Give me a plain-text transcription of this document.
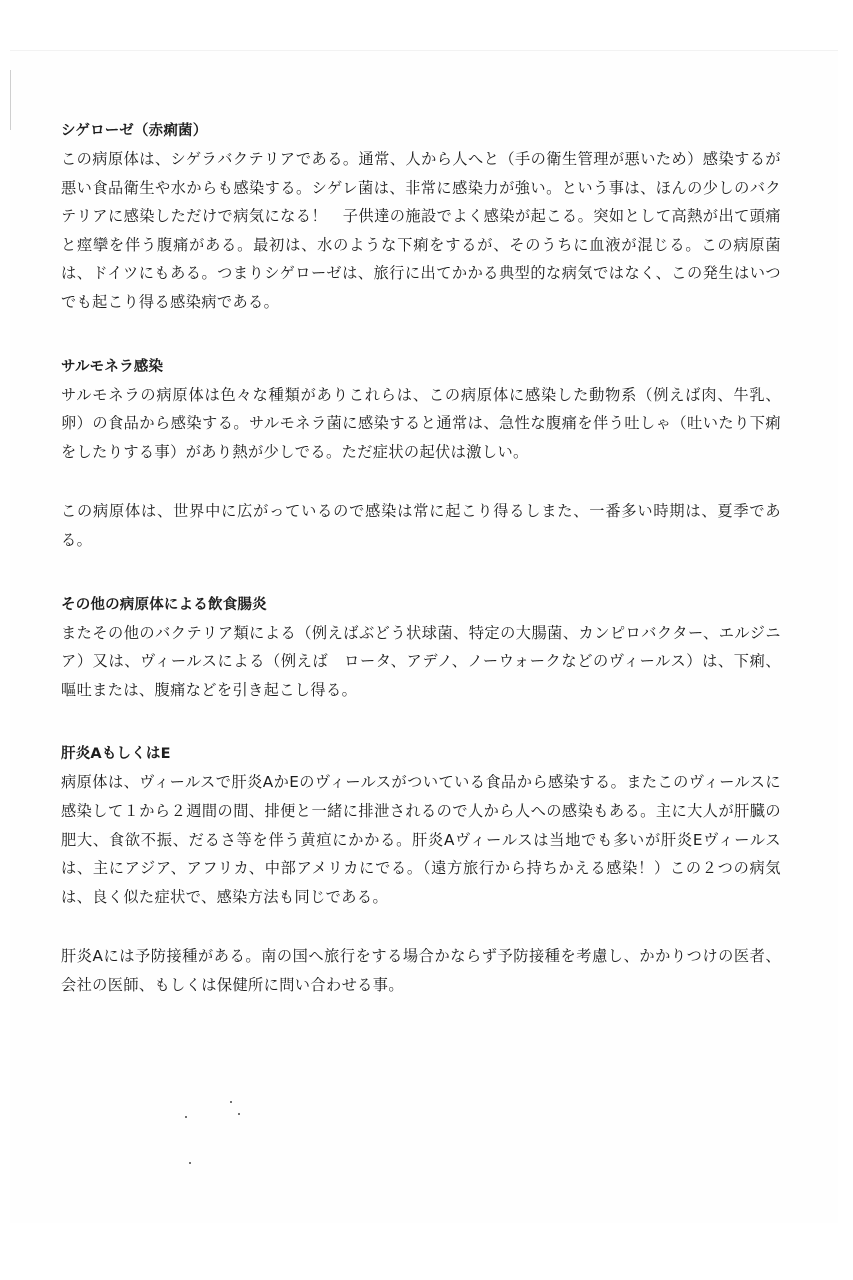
シゲローゼ（赤痢菌）

この病原体は、シゲラバクテリアである。通常、人から人へと（手の衛生管理が悪いため）感染するが悪い食品衛生や水からも感染する。シゲレ菌は、非常に感染力が強い。という事は、ほんの少しのバクテリアに感染しただけで病気になる！　子供達の施設でよく感染が起こる。突如として高熱が出て頭痛と痙攣を伴う腹痛がある。最初は、水のような下痢をするが、そのうちに血液が混じる。この病原菌は、ドイツにもある。つまりシゲローゼは、旅行に出てかかる典型的な病気ではなく、この発生はいつでも起こり得る感染病である。

サルモネラ感染

サルモネラの病原体は色々な種類がありこれらは、この病原体に感染した動物系（例えば肉、牛乳、卵）の食品から感染する。サルモネラ菌に感染すると通常は、急性な腹痛を伴う吐しゃ（吐いたり下痢をしたりする事）があり熱が少しでる。ただ症状の起伏は激しい。

この病原体は、世界中に広がっているので感染は常に起こり得るしまた、一番多い時期は、夏季である。

その他の病原体による飲食腸炎

またその他のバクテリア類による（例えばぶどう状球菌、特定の大腸菌、カンピロバクター、エルジニア）又は、ヴィールスによる（例えば　ロータ、アデノ、ノーウォークなどのヴィールス）は、下痢、嘔吐または、腹痛などを引き起こし得る。

肝炎AもしくはE

病原体は、ヴィールスで肝炎AかEのヴィールスがついている食品から感染する。またこのヴィールスに感染して１から２週間の間、排便と一緒に排泄されるので人から人への感染もある。主に大人が肝臓の肥大、食欲不振、だるさ等を伴う黄疸にかかる。肝炎Aヴィールスは当地でも多いが肝炎Eヴィールスは、主にアジア、アフリカ、中部アメリカにでる。（遠方旅行から持ちかえる感染！）この２つの病気は、良く似た症状で、感染方法も同じである。

肝炎Aには予防接種がある。南の国へ旅行をする場合かならず予防接種を考慮し、かかりつけの医者、会社の医師、もしくは保健所に問い合わせる事。
